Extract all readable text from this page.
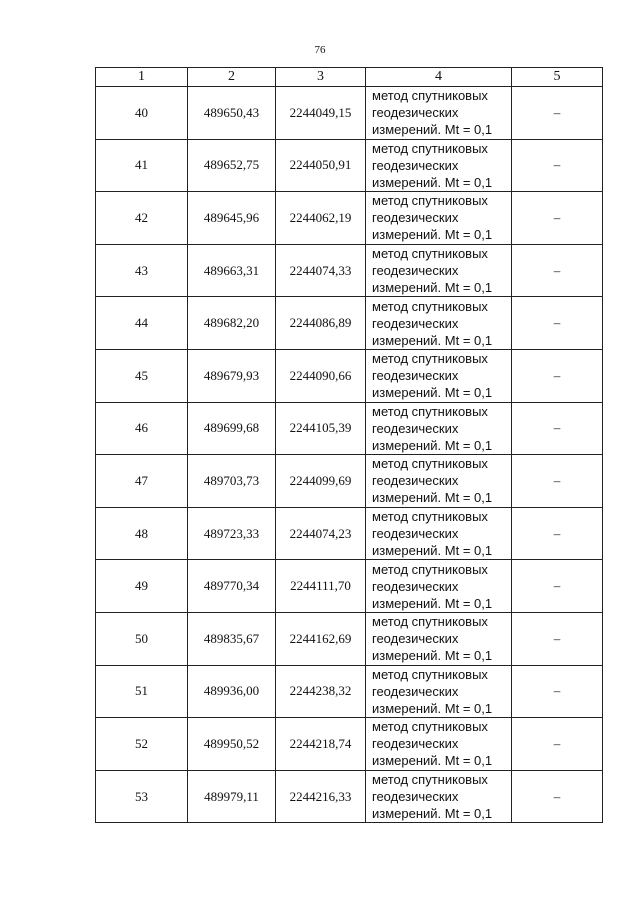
76
1	2	3	4	5
40	489650,43	2244049,15	метод спутниковых
геодезических
измерений. Mt = 0,1	–
41	489652,75	2244050,91	метод спутниковых
геодезических
измерений. Mt = 0,1	–
42	489645,96	2244062,19	метод спутниковых
геодезических
измерений. Mt = 0,1	–
43	489663,31	2244074,33	метод спутниковых
геодезических
измерений. Mt = 0,1	–
44	489682,20	2244086,89	метод спутниковых
геодезических
измерений. Mt = 0,1	–
45	489679,93	2244090,66	метод спутниковых
геодезических
измерений. Mt = 0,1	–
46	489699,68	2244105,39	метод спутниковых
геодезических
измерений. Mt = 0,1	–
47	489703,73	2244099,69	метод спутниковых
геодезических
измерений. Mt = 0,1	–
48	489723,33	2244074,23	метод спутниковых
геодезических
измерений. Mt = 0,1	–
49	489770,34	2244111,70	метод спутниковых
геодезических
измерений. Mt = 0,1	–
50	489835,67	2244162,69	метод спутниковых
геодезических
измерений. Mt = 0,1	–
51	489936,00	2244238,32	метод спутниковых
геодезических
измерений. Mt = 0,1	–
52	489950,52	2244218,74	метод спутниковых
геодезических
измерений. Mt = 0,1	–
53	489979,11	2244216,33	метод спутниковых
геодезических
измерений. Mt = 0,1	–
